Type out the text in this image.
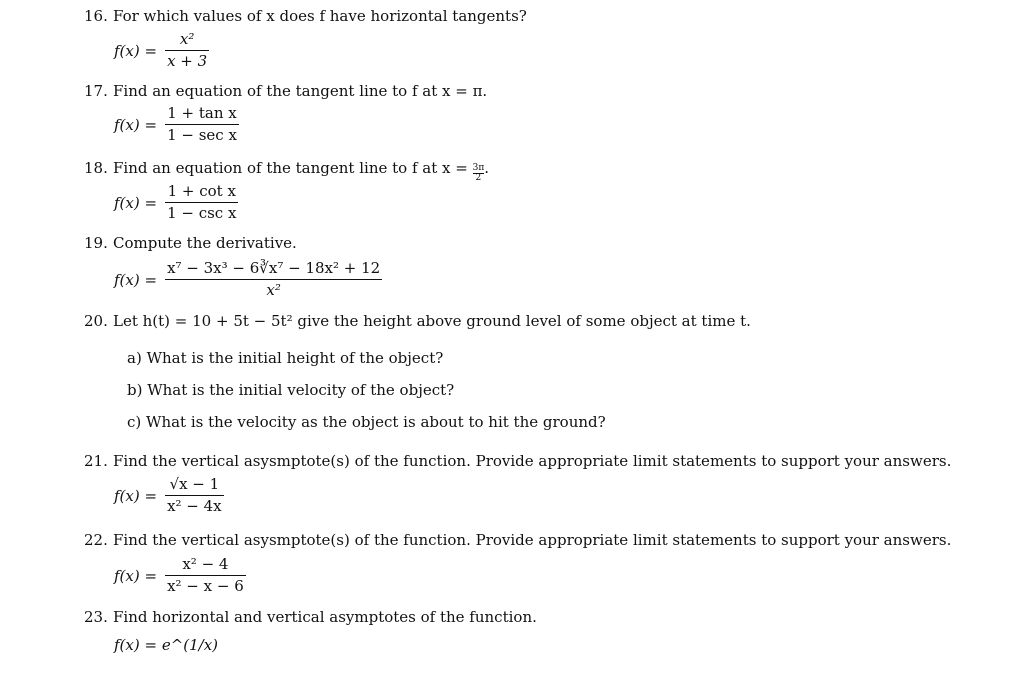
16. For which values of x does f have horizontal tangents?
$f(x) = \frac{\text{x²}}{x + 3}$
17. Find an equation of the tangent line to f at x = π.
$f(x) = \frac{\text{1 + tan x}}{\text{1 − sec x}}$
18. Find an equation of the tangent line to f at $x = \frac{3\pi}{2}$ .
$f(x) = \frac{\text{1 + cot x}}{\text{1 − csc x}}$
19. Compute the derivative.
$f(x) = \frac{\text{x⁷ − 3x³ − 6∛x⁷ − 18x² + 12}}{\text{x²}}$
20. Let h(t) = 10 + 5t − 5t² give the height above ground level of some object at time t.
a) What is the initial height of the object?
b) What is the initial velocity of the object?
c) What is the velocity as the object is about to hit the ground?
21. Find the vertical asysmptote(s) of the function. Provide appropriate limit statements to support your answers.
$f(x) = \frac{√x - 1}{\text{x² − 4x}}$
22. Find the vertical asysmptote(s) of the function. Provide appropriate limit statements to support your answers.
$f(x) = \frac{\text{x² − 4}}{\text{x² − x − 6}}$
23. Find horizontal and vertical asymptotes of the function.
f(x) = e^(1/x)
